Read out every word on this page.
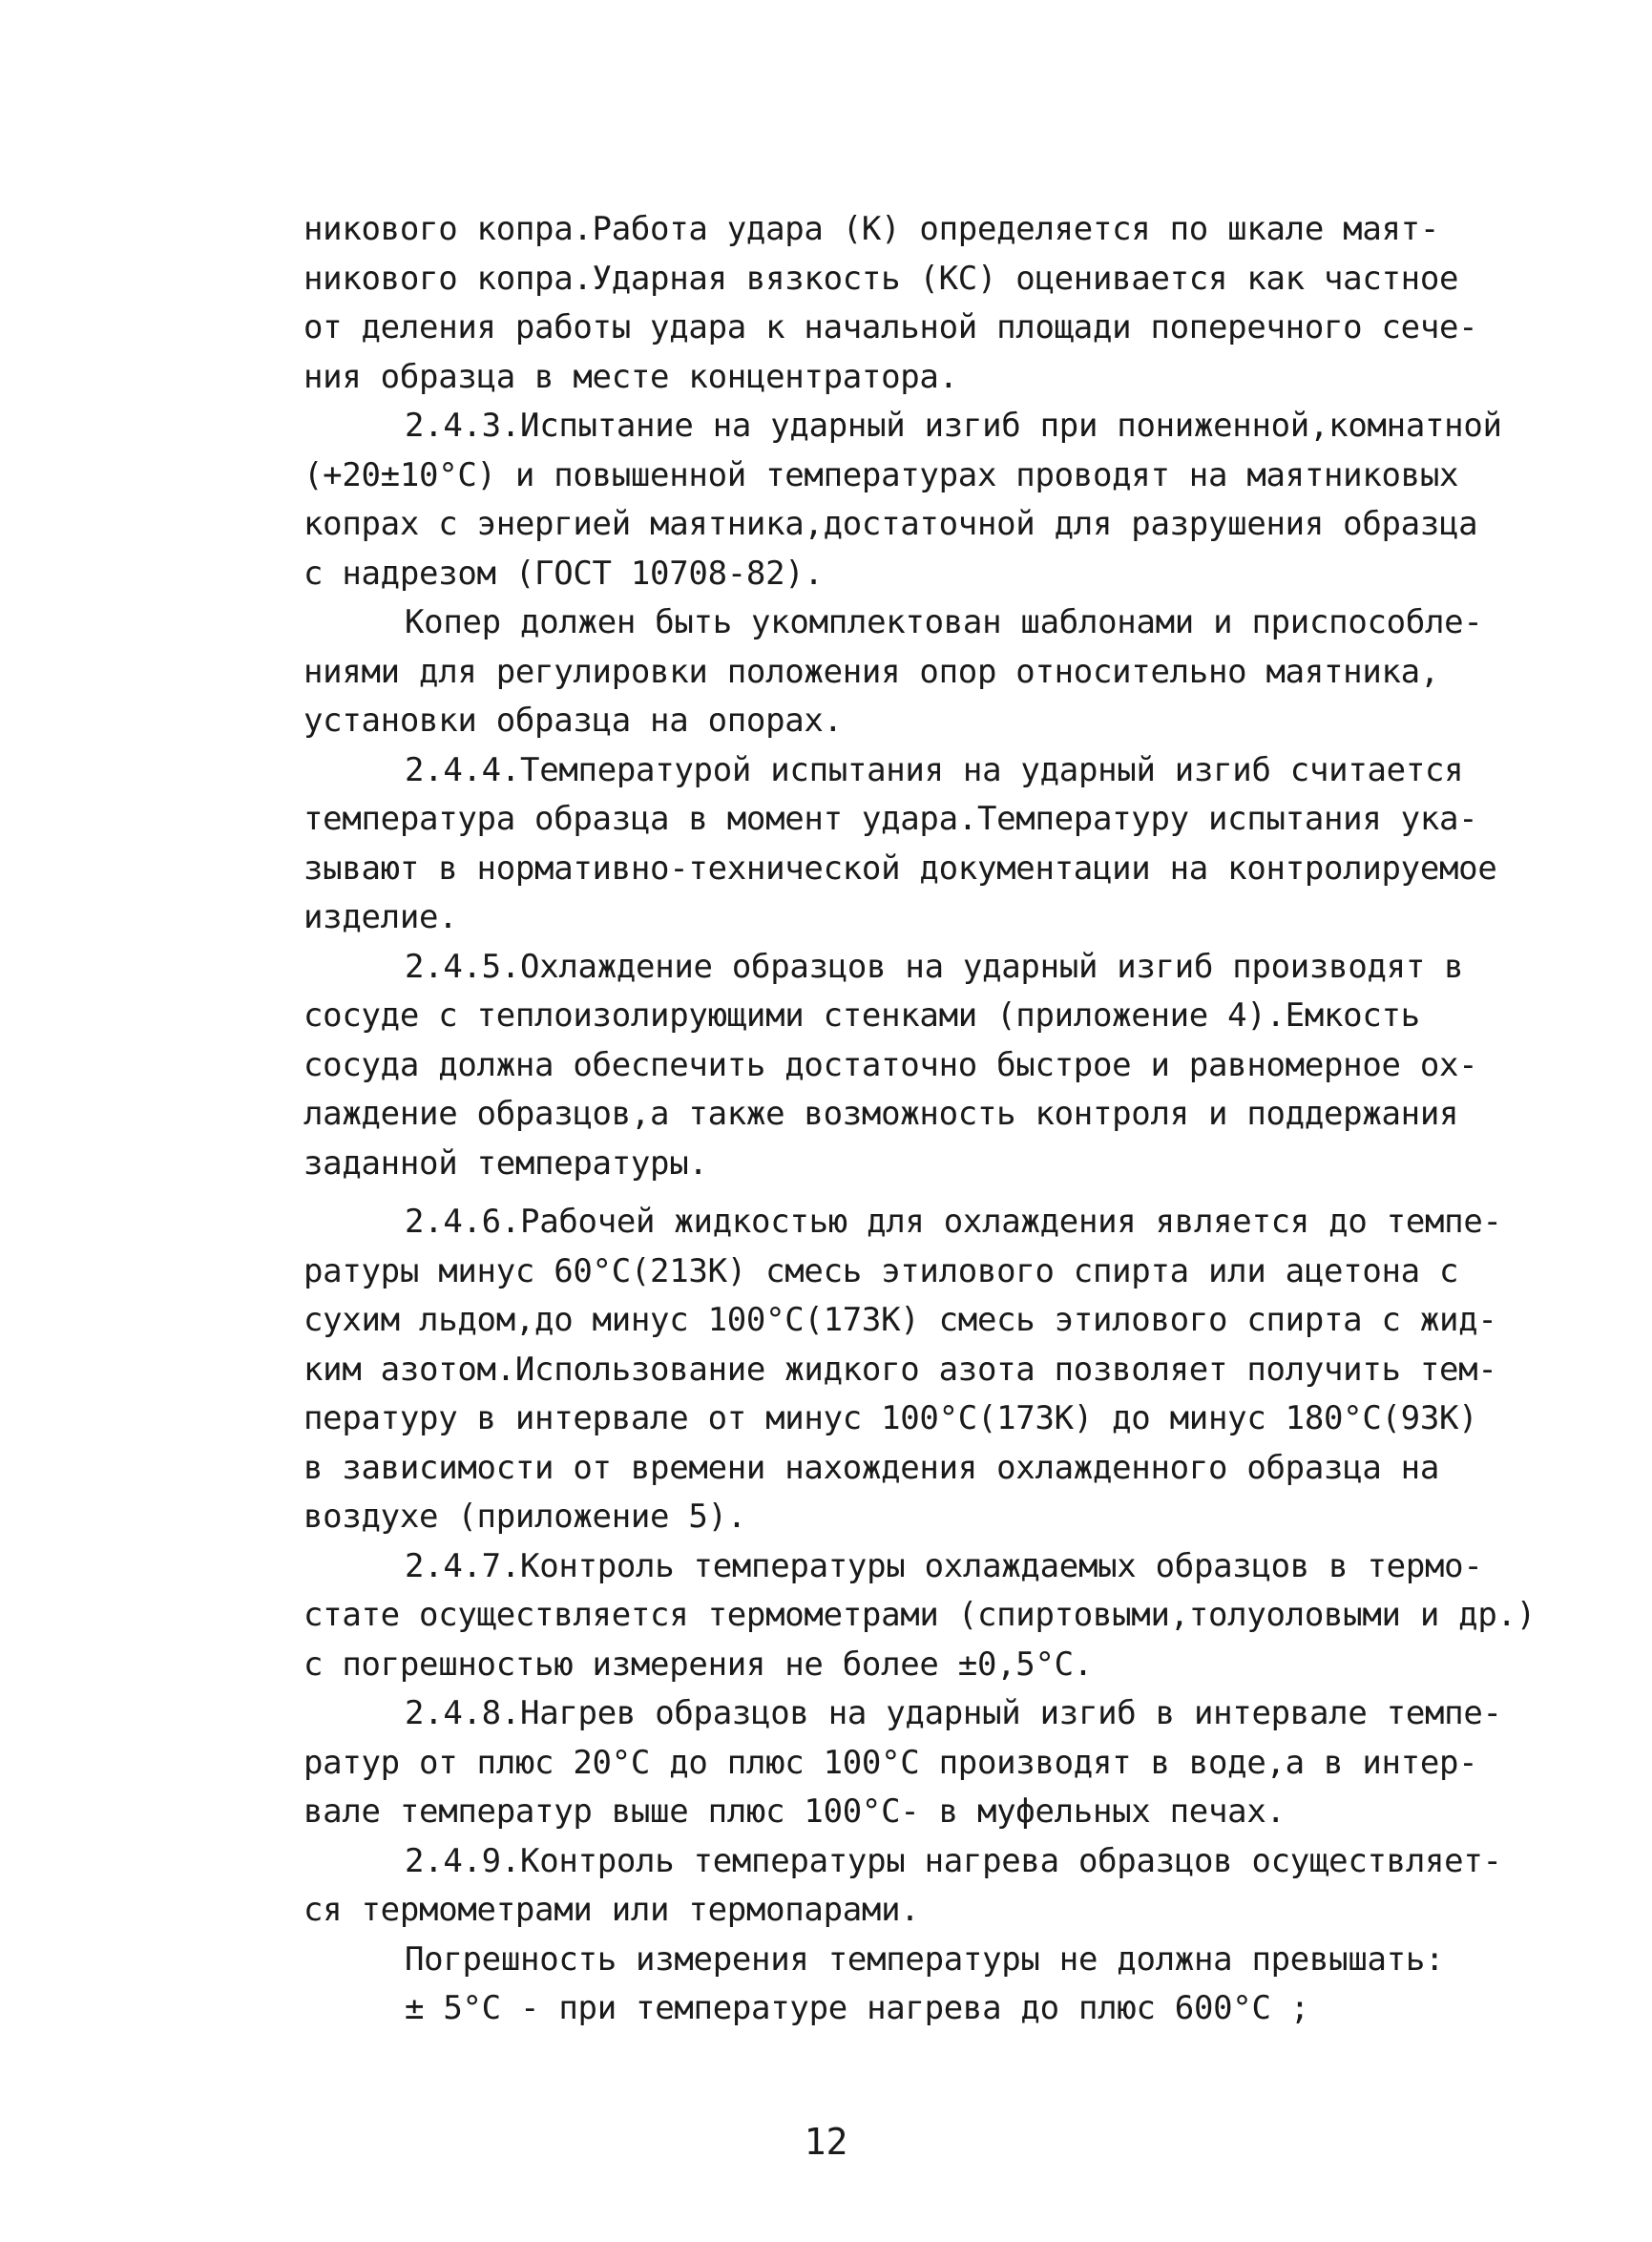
никового копра.Работа удара (К) определяется по шкале маят-
никового копра.Ударная вязкость (КС) оценивается как частное
от деления работы удара к начальной площади поперечного сече-
ния образца в месте концентратора.
2.4.3.Испытание на ударный изгиб при пониженной,комнатной
(+20±10°С) и повышенной температурах проводят на маятниковых
копрах с энергией маятника,достаточной для разрушения образца
с надрезом (ГОСТ 10708-82).
Копер должен быть укомплектован шаблонами и приспособле-
ниями для регулировки положения опор относительно маятника,
установки образца на опорах.
2.4.4.Температурой испытания на ударный изгиб считается
температура образца в момент удара.Температуру испытания ука-
зывают в нормативно-технической документации на контролируемое
изделие.
2.4.5.Охлаждение образцов на ударный изгиб производят в
сосуде с теплоизолирующими стенками (приложение 4).Емкость
сосуда должна обеспечить достаточно быстрое и равномерное ох-
лаждение образцов,а также возможность контроля и поддержания
заданной температуры.
2.4.6.Рабочей жидкостью для охлаждения является до темпе-
ратуры минус 60°С(213К) смесь этилового спирта или ацетона с
сухим льдом,до минус 100°С(173К) смесь этилового спирта с жид-
ким азотом.Использование жидкого азота позволяет получить тем-
пературу в интервале от минус 100°С(173К) до минус 180°С(93К)
в зависимости от времени нахождения охлажденного образца на
воздухе (приложение 5).
2.4.7.Контроль температуры охлаждаемых образцов в термо-
стате осуществляется термометрами (спиртовыми,толуоловыми и др.)
с погрешностью измерения не более ±0,5°С.
2.4.8.Нагрев образцов на ударный изгиб в интервале темпе-
ратур от плюс 20°С до плюс 100°С производят в воде,а в интер-
вале температур выше плюс 100°С- в муфельных печах.
2.4.9.Контроль температуры нагрева образцов осуществляет-
ся термометрами или термопарами.
Погрешность измерения температуры не должна превышать:
± 5°С - при температуре нагрева до плюс 600°С ;
12
